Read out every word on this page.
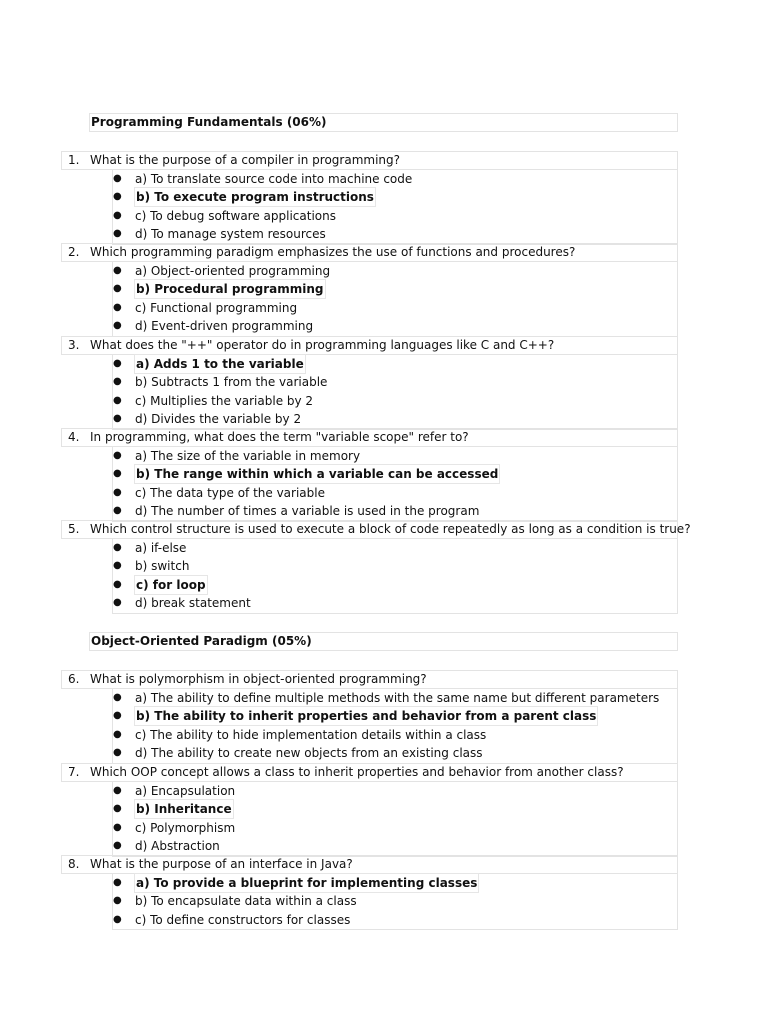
Programming Fundamentals (06%)
1. What is the purpose of a compiler in programming?
● a) To translate source code into machine code
● b) To execute program instructions
● c) To debug software applications
● d) To manage system resources
2. Which programming paradigm emphasizes the use of functions and procedures?
● a) Object-oriented programming
● b) Procedural programming
● c) Functional programming
● d) Event-driven programming
3. What does the "++" operator do in programming languages like C and C++?
● a) Adds 1 to the variable
● b) Subtracts 1 from the variable
● c) Multiplies the variable by 2
● d) Divides the variable by 2
4. In programming, what does the term "variable scope" refer to?
● a) The size of the variable in memory
● b) The range within which a variable can be accessed
● c) The data type of the variable
● d) The number of times a variable is used in the program
5. Which control structure is used to execute a block of code repeatedly as long as a condition is true?
● a) if-else
● b) switch
● c) for loop
● d) break statement
Object-Oriented Paradigm (05%)
6. What is polymorphism in object-oriented programming?
● a) The ability to define multiple methods with the same name but different parameters
● b) The ability to inherit properties and behavior from a parent class
● c) The ability to hide implementation details within a class
● d) The ability to create new objects from an existing class
7. Which OOP concept allows a class to inherit properties and behavior from another class?
● a) Encapsulation
● b) Inheritance
● c) Polymorphism
● d) Abstraction
8. What is the purpose of an interface in Java?
● a) To provide a blueprint for implementing classes
● b) To encapsulate data within a class
● c) To define constructors for classes
